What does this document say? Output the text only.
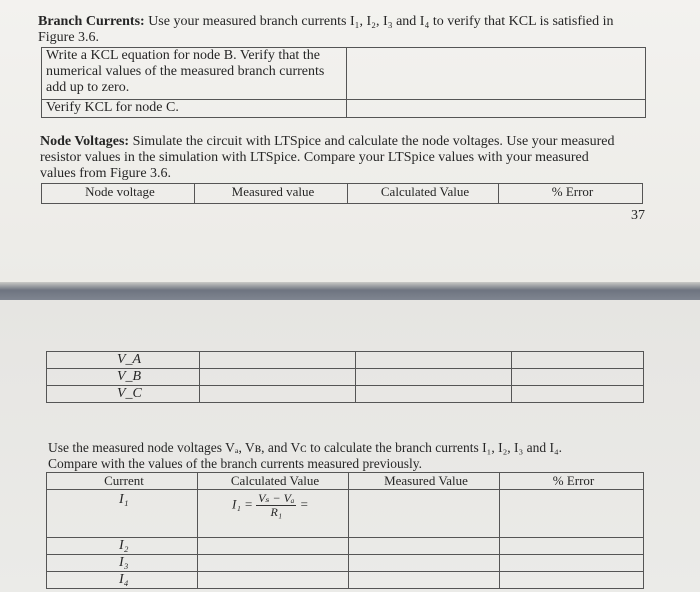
Branch Currents: Use your measured branch currents I₁, I₂, I₃ and I₄ to verify that KCL is satisfied in
Figure 3.6.
Write a KCL equation for node B. Verify that the
numerical values of the measured branch currents
add up to zero.	

Verify KCL for node C.	

Node Voltages: Simulate the circuit with LTSpice and calculate the node voltages. Use your measured
resistor values in the simulation with LTSpice. Compare your LTSpice values with your measured
values from Figure 3.6.
Node voltage	Measured value	Calculated Value	% Error
37
V_A			

V_B			

V_C			

Use the measured node voltages Vₐ, Vʙ, and Vᴄ to calculate the branch currents I₁, I₂, I₃ and I₄.
Compare with the values of the branch currents measured previously.
Current	Calculated Value	Measured Value	% Error

I₁	$I_1 = \frac{\text{Vₛ − Vₐ}}{\text{R₁}}$ =		

I₂			

I₃			

I₄			
